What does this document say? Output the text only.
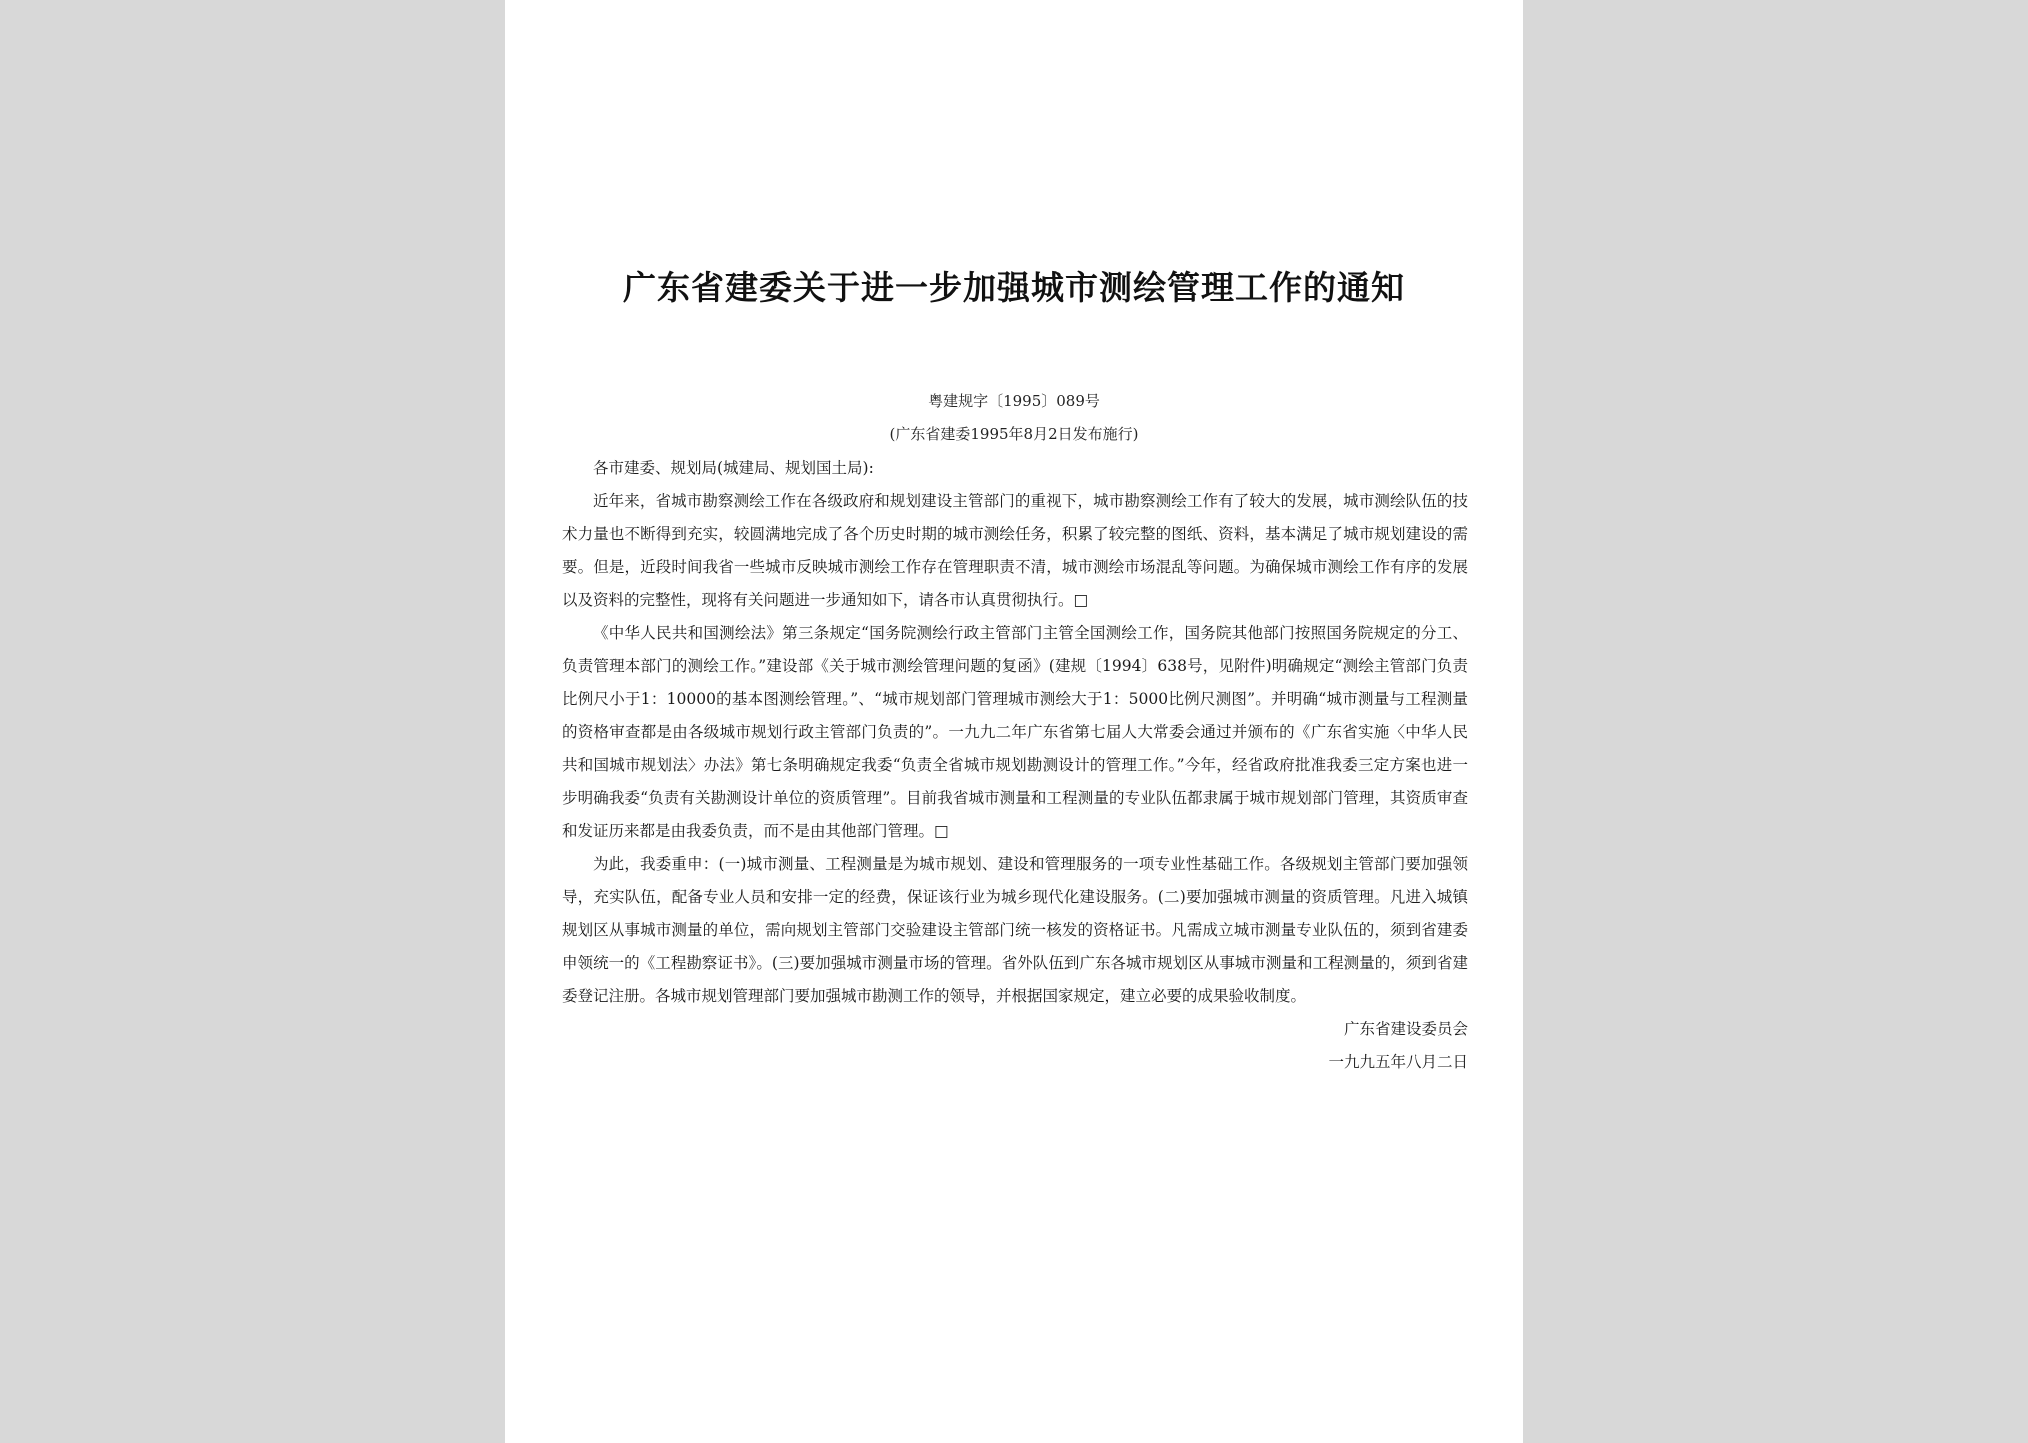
广东省建委关于进一步加强城市测绘管理工作的通知
粤建规字〔1995〕089号
(广东省建委1995年8月2日发布施行)

各市建委、规划局(城建局、规划国土局):

近年来，省城市勘察测绘工作在各级政府和规划建设主管部门的重视下，城市勘察测绘工作有了较大的发展，城市测绘队伍的技术力量也不断得到充实，较圆满地完成了各个历史时期的城市测绘任务，积累了较完整的图纸、资料，基本满足了城市规划建设的需要。但是，近段时间我省一些城市反映城市测绘工作存在管理职责不清，城市测绘市场混乱等问题。为确保城市测绘工作有序的发展以及资料的完整性，现将有关问题进一步通知如下，请各市认真贯彻执行。□

《中华人民共和国测绘法》第三条规定“国务院测绘行政主管部门主管全国测绘工作，国务院其他部门按照国务院规定的分工、负责管理本部门的测绘工作。”建设部《关于城市测绘管理问题的复函》(建规〔1994〕638号，见附件)明确规定“测绘主管部门负责比例尺小于1：10000的基本图测绘管理。”、“城市规划部门管理城市测绘大于1：5000比例尺测图”。并明确“城市测量与工程测量的资格审查都是由各级城市规划行政主管部门负责的”。一九九二年广东省第七届人大常委会通过并颁布的《广东省实施〈中华人民共和国城市规划法〉办法》第七条明确规定我委“负责全省城市规划勘测设计的管理工作。”今年，经省政府批准我委三定方案也进一步明确我委“负责有关勘测设计单位的资质管理”。目前我省城市测量和工程测量的专业队伍都隶属于城市规划部门管理，其资质审查和发证历来都是由我委负责，而不是由其他部门管理。□

为此，我委重申：(一)城市测量、工程测量是为城市规划、建设和管理服务的一项专业性基础工作。各级规划主管部门要加强领导，充实队伍，配备专业人员和安排一定的经费，保证该行业为城乡现代化建设服务。(二)要加强城市测量的资质管理。凡进入城镇规划区从事城市测量的单位，需向规划主管部门交验建设主管部门统一核发的资格证书。凡需成立城市测量专业队伍的，须到省建委申领统一的《工程勘察证书》。(三)要加强城市测量市场的管理。省外队伍到广东各城市规划区从事城市测量和工程测量的，须到省建委登记注册。各城市规划管理部门要加强城市勘测工作的领导，并根据国家规定，建立必要的成果验收制度。

广东省建设委员会

一九九五年八月二日
